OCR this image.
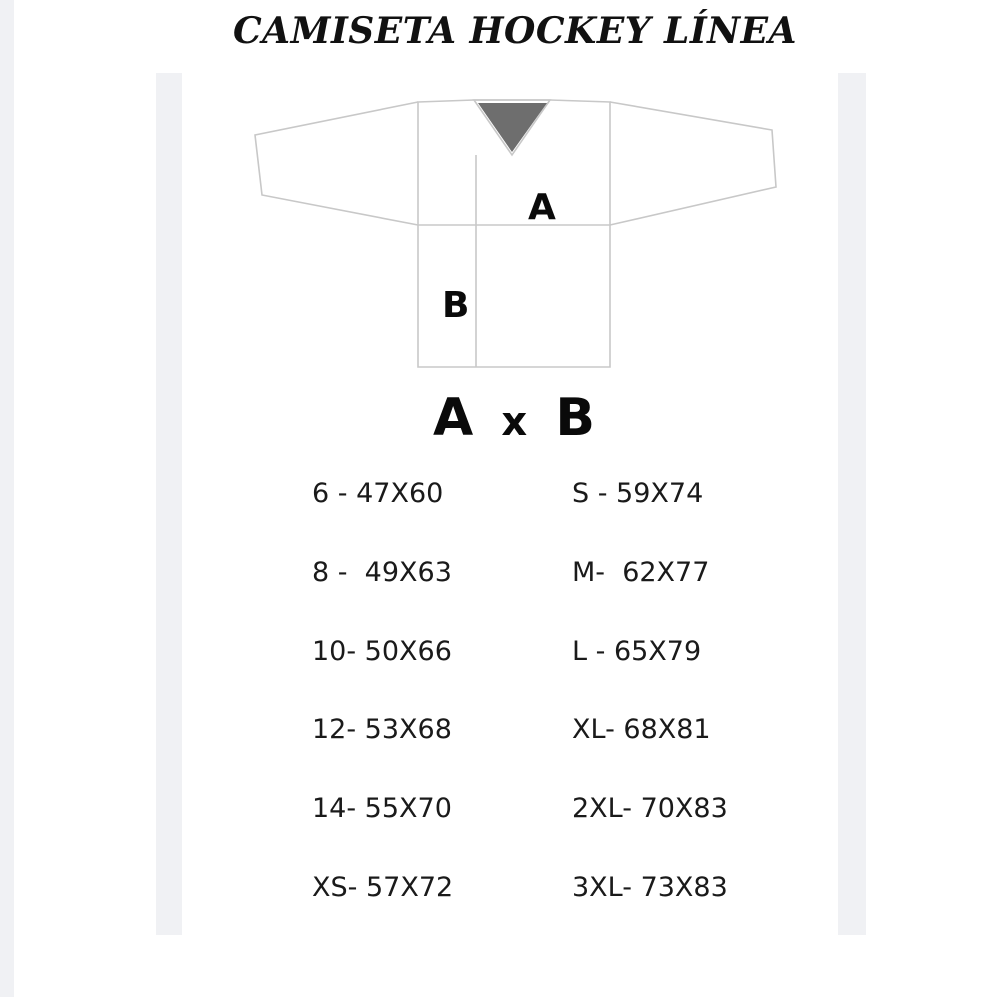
CAMISETA HOCKEY LÍNEA
A
B
A x B
6 - 47X60	S - 59X74
8 -  49X63	M-  62X77
10- 50X66	L - 65X79
12- 53X68	XL- 68X81
14- 55X70	2XL- 70X83
XS- 57X72	3XL- 73X83
